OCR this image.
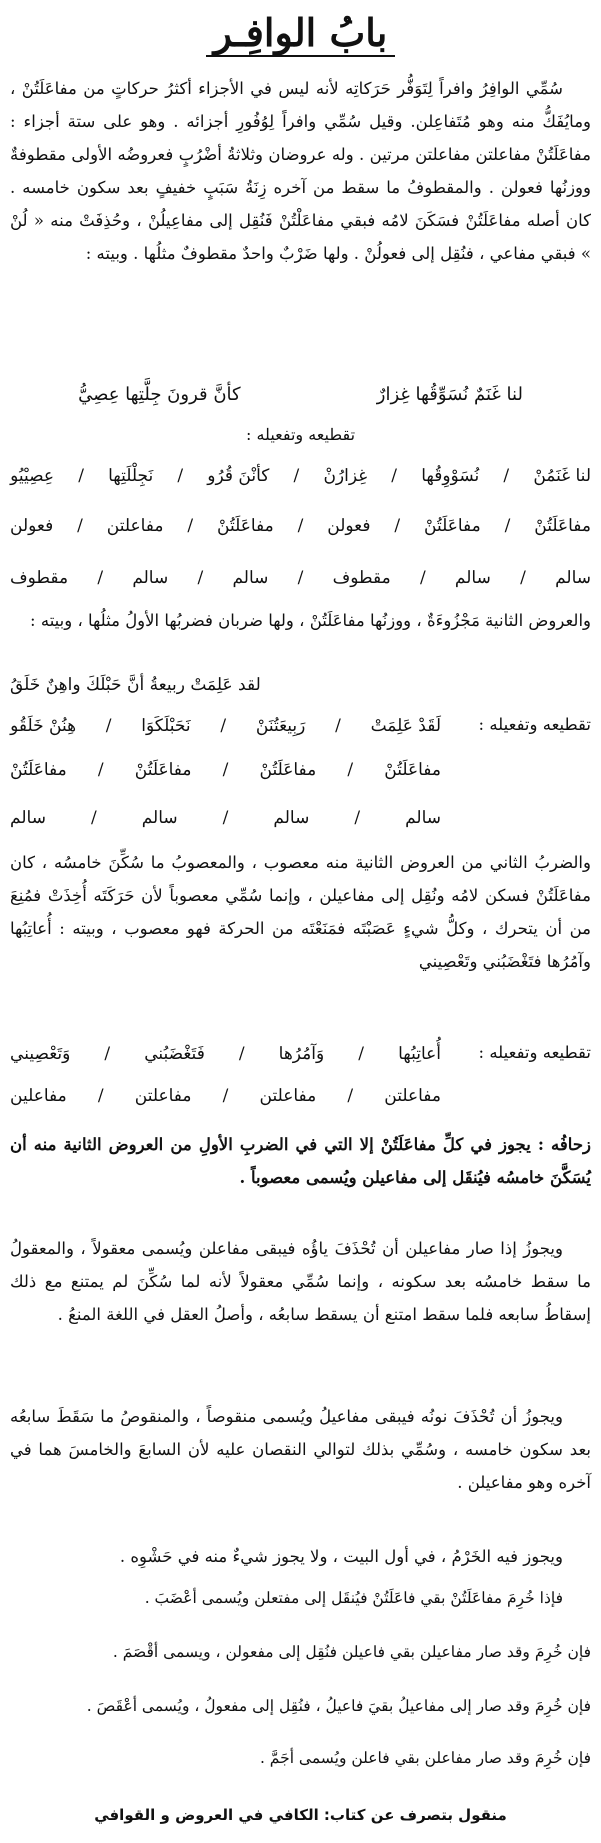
بابُ الوافِـر

سُمِّي الوافِرُ وافراً لِتَوَفُّر حَرَكاتِه لأنه ليس في الأجزاء أكثرُ حركاتٍ من مفاعَلَتُنْ ، ومايُفَكُّ منه وهو مُتَفاعِلن. وقيل سُمِّي وافراً لِوُفُورِ أجزائه . وهو على ستة أجزاء : مفاعَلَتُنْ مفاعلتن مفاعلتن مرتين . وله عروضان وثلاثةُ أضْرُبٍ فعروضُه الأولى مقطوفةٌ ووزنُها فعولن . والمقطوفُ ما سقط من آخره زِنَةُ سَبَبٍ خفيفٍ بعد سكون خامسه . كان أصله مفاعَلَتُنْ فسَكَنَ لامُه فبقي مفاعَلْتُنْ فَنُقِل إلى مفاعِيلُنْ ، وحُذِفَتْ منه « لُنْ » فبقي مفاعي ، فنُقِل إلى فعولُنْ . ولها ضَرْبٌ واحدٌ مقطوفٌ مثلُها . وبيته :

لنا غَنَمٌ نُسَوِّقُها غِزارٌ
كأنَّ قرونَ جِلَّتِها عِصِيُّ
تقطيعه وتفعيله :
لنا غَنَمُنْ
/
نُسَوْوِقُها
/
غِزارُنْ
/
كأنْنَ قُرُو
/
نَجِلْلَتِها
/
عِصِيْيُو
مفاعَلَتُنْ
/
مفاعَلَتُنْ
/
فعولن
/
مفاعَلَتُنْ
/
مفاعلتن
/
فعولن
سالم
/
سالم
/
مقطوف
/
سالم
/
سالم
/
مقطوف

والعروض الثانية مَجْزُوءَةٌ ، ووزنُها مفاعَلَتُنْ ، ولها ضربان فضربُها الأولُ مثلُها ، وبيته :

لقد عَلِمَتْ ربيعةُ أنَّ حَبْلَكَ واهِنٌ خَلَقُ
تقطيعه وتفعيله :
لَقَدْ عَلِمَتْ
/
رَبِيعَتُنَنْ
/
نَحَبْلَكَوَا
/
هِنُنْ خَلَقُو
مفاعَلَتُنْ
/
مفاعَلَتُنْ
/
مفاعَلَتُنْ
/
مفاعَلَتُنْ
سالم
/
سالم
/
سالم
/
سالم

والضربُ الثاني من العروض الثانية منه معصوب ، والمعصوبُ ما سُكِّنَ خامسُه ، كان مفاعَلَتُنْ فسكن لامُه ونُقِل إلى مفاعيلن ، وإنما سُمِّي معصوباً لأن حَرَكَتَه أُخِذَتْ فمُنِعَ من أن يتحرك ، وكلُّ شيءٍ عَصَبْتَه فمَنَعْتَه من الحركة فهو معصوب ، وبيته : أُعاتِبُها وآمُرُها فتَغْضَبُني وتَعْصِيني

تقطيعه وتفعيله :
أُعاتِبُها
/
وَآمُرُها
/
فَتَغْضَبُني
/
وَتَعْصِيني
مفاعلتن
/
مفاعلتن
/
مفاعلتن
/
مفاعلين

زحافُه : يجوز في كلِّ مفاعَلَتُنْ إلا التي في الضربِ الأولِ من العروض الثانية منه أن يُسَكَّنَ خامسُه فيُنقَل إلى مفاعيلن ويُسمى معصوباً .

ويجوزُ إذا صار مفاعيلن أن تُحْذَفَ ياؤُه فيبقى مفاعلن ويُسمى معقولاً ، والمعقولُ ما سقط خامسُه بعد سكونه ، وإنما سُمِّي معقولاً لأنه لما سُكِّنَ لم يمتنع مع ذلك إسقاطُ سابعه فلما سقط امتنع أن يسقط سابعُه ، وأصلُ العقل في اللغة المنعُ .

ويجوزُ أن تُحْذَفَ نونُه فيبقى مفاعيلُ ويُسمى منقوصاً ، والمنقوصُ ما سَقَطَ سابعُه بعد سكون خامسه ، وسُمِّي بذلك لتوالي النقصان عليه لأن السابعَ والخامسَ هما في آخره وهو مفاعيلن .

ويجوز فيه الخَرْمُ ، في أول البيت ، ولا يجوز شيءٌ منه في حَشْوِه .

فإذا خُرِمَ مفاعَلَتُنْ بقي فاعَلَتُنْ فيُنقَل إلى مفتعلن ويُسمى أعْضَبَ .

فإن خُرِمَ وقد صار مفاعيلن بقي فاعيلن فنُقِل إلى مفعولن ، ويسمى أقْصَمَ .

فإن خُرِمَ وقد صار إلى مفاعيلُ بقيَ فاعيلُ ، فنُقِل إلى مفعولُ ، ويُسمى أعْقَصَ .

فإن خُرِمَ وقد صار مفاعلن بقي فاعلن ويُسمى أجَمَّ .

منقول بتصرف عن كتاب: الكافي في العروض و القوافي
